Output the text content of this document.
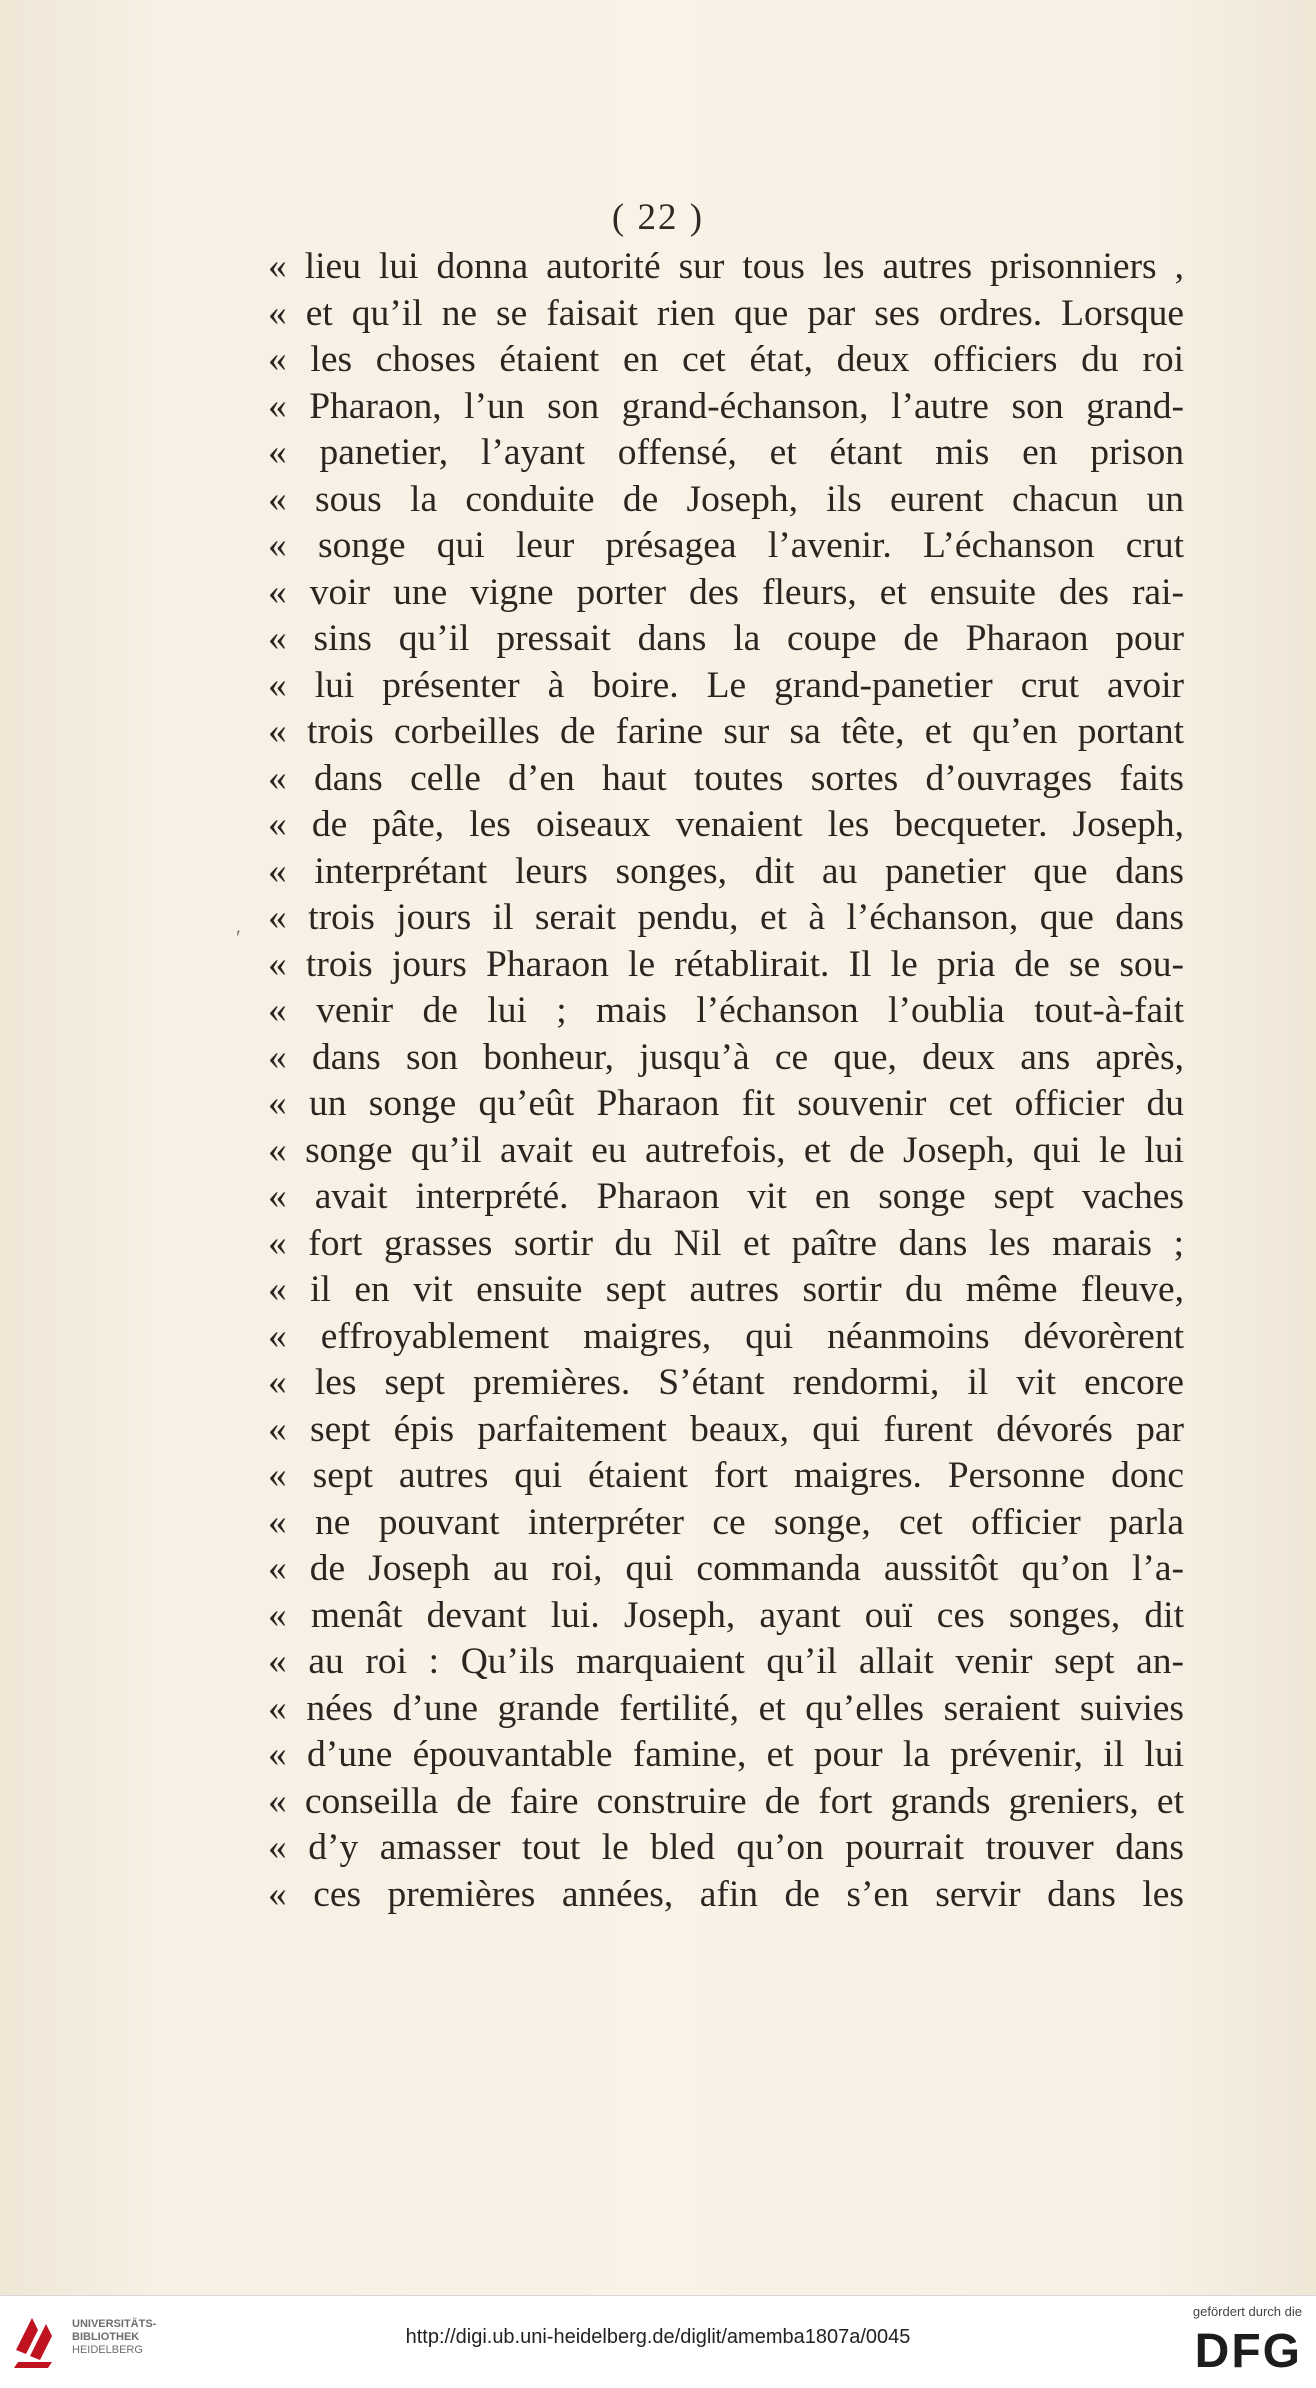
( 22 )
′
« lieu lui donna autorité sur tous les autres prisonniers ,
« et qu’il ne se faisait rien que par ses ordres. Lorsque
« les choses étaient en cet état, deux officiers du roi
« Pharaon, l’un son grand-échanson, l’autre son grand-
« panetier, l’ayant offensé, et étant mis en prison
« sous la conduite de Joseph, ils eurent chacun un
« songe qui leur présagea l’avenir. L’échanson crut
« voir une vigne porter des fleurs, et ensuite des rai-
« sins qu’il pressait dans la coupe de Pharaon pour
« lui présenter à boire. Le grand-panetier crut avoir
« trois corbeilles de farine sur sa tête, et qu’en portant
« dans celle d’en haut toutes sortes d’ouvrages faits
« de pâte, les oiseaux venaient les becqueter. Joseph,
« interprétant leurs songes, dit au panetier que dans
« trois jours il serait pendu, et à l’échanson, que dans
« trois jours Pharaon le rétablirait. Il le pria de se sou-
« venir de lui ; mais l’échanson l’oublia tout-à-fait
« dans son bonheur, jusqu’à ce que, deux ans après,
« un songe qu’eût Pharaon fit souvenir cet officier du
« songe qu’il avait eu autrefois, et de Joseph, qui le lui
« avait interprété. Pharaon vit en songe sept vaches
« fort grasses sortir du Nil et paître dans les marais ;
« il en vit ensuite sept autres sortir du même fleuve,
« effroyablement maigres, qui néanmoins dévorèrent
« les sept premières. S’étant rendormi, il vit encore
« sept épis parfaitement beaux, qui furent dévorés par
« sept autres qui étaient fort maigres. Personne donc
« ne pouvant interpréter ce songe, cet officier parla
« de Joseph au roi, qui commanda aussitôt qu’on l’a-
« menât devant lui. Joseph, ayant ouï ces songes, dit
« au roi : Qu’ils marquaient qu’il allait venir sept an-
« nées d’une grande fertilité, et qu’elles seraient suivies
« d’une épouvantable famine, et pour la prévenir, il lui
« conseilla de faire construire de fort grands greniers, et
« d’y amasser tout le bled qu’on pourrait trouver dans
« ces premières années, afin de s’en servir dans les
UNIVERSITÄTS-
BIBLIOTHEK
HEIDELBERG
http://digi.ub.uni-heidelberg.de/diglit/amemba1807a/0045
gefördert durch die
DFG
